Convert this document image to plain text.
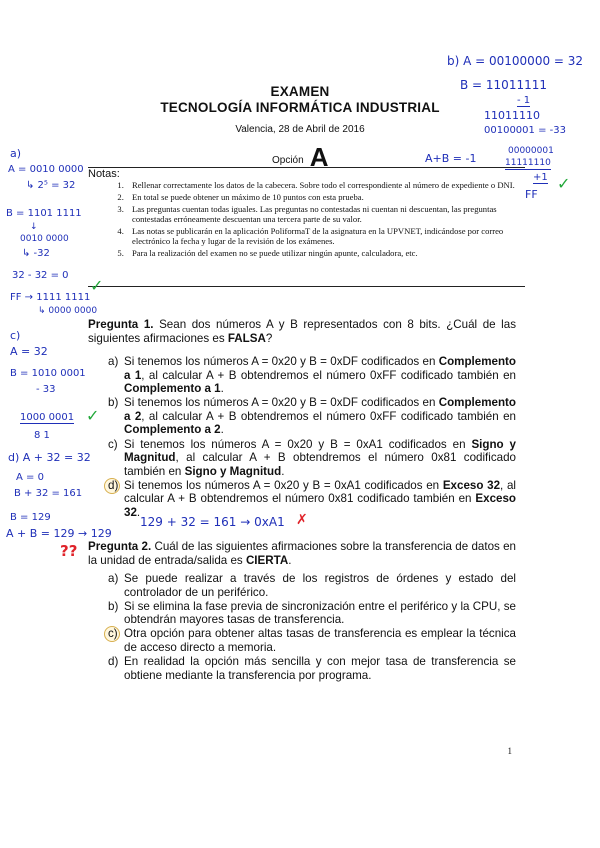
EXAMEN
TECNOLOGÍA INFORMÁTICA INDUSTRIAL
Valencia, 28 de Abril de 2016
Opción A
Notas:
1. Rellenar correctamente los datos de la cabecera. Sobre todo el correspondiente al número de expediente o DNI.
2. En total se puede obtener un máximo de 10 puntos con esta prueba.
3. Las preguntas cuentan todas iguales. Las preguntas no contestadas ni cuentan ni descuentan, las preguntas contestadas erróneamente descuentan una tercera parte de su valor.
4. Las notas se publicarán en la aplicación PoliformaT de la asignatura en la UPVNET, indicándose por correo electrónico la fecha y lugar de la revisión de los exámenes.
5. Para la realización del examen no se puede utilizar ningún apunte, calculadora, etc.
Pregunta 1. Sean dos números A y B representados con 8 bits. ¿Cuál de las siguientes afirmaciones es FALSA?
a) Si tenemos los números A = 0x20 y B = 0xDF codificados en Complemento a 1, al calcular A + B obtendremos el número 0xFF codificado también en Complemento a 1.
b) Si tenemos los números A = 0x20 y B = 0xDF codificados en Complemento a 2, al calcular A + B obtendremos el número 0xFF codificado también en Complemento a 2.
c) Si tenemos los números A = 0x20 y B = 0xA1 codificados en Signo y Magnitud, al calcular A + B obtendremos el número 0x81 codificado también en Signo y Magnitud.
d) Si tenemos los números A = 0x20 y B = 0xA1 codificados en Exceso 32, al calcular A + B obtendremos el número 0x81 codificado también en Exceso 32.
Pregunta 2. Cuál de las siguientes afirmaciones sobre la transferencia de datos en la unidad de entrada/salida es CIERTA.
a) Se puede realizar a través de los registros de órdenes y estado del controlador de un periférico.
b) Si se elimina la fase previa de sincronización entre el periférico y la CPU, se obtendrán mayores tasas de transferencia.
c) Otra opción para obtener altas tasas de transferencia es emplear la técnica de acceso directo a memoria.
d) En realidad la opción más sencilla y con mejor tasa de transferencia se obtiene mediante la transferencia por programa.
1
b) A = 00100000 = 32
B = 11011111
- 1
11011110
00100001 = -33
A+B = -1
00000001
11111110
+1
FF
✓
a)
A = 0010 0000
↳ 2⁵ = 32
B = 1101 1111
↓
0010 0000
↳ -32
32 - 32 = 0
FF → 1111 1111
↳ 0000 0000
✓
c)
A = 32
B = 1010 0001
- 33
1000 0001
8 1
✓
d) A + 32 = 32
A = 0
B + 32 = 161
B = 129
A + B = 129 → 129
129 + 32 = 161 → 0xA1 ✗
??
